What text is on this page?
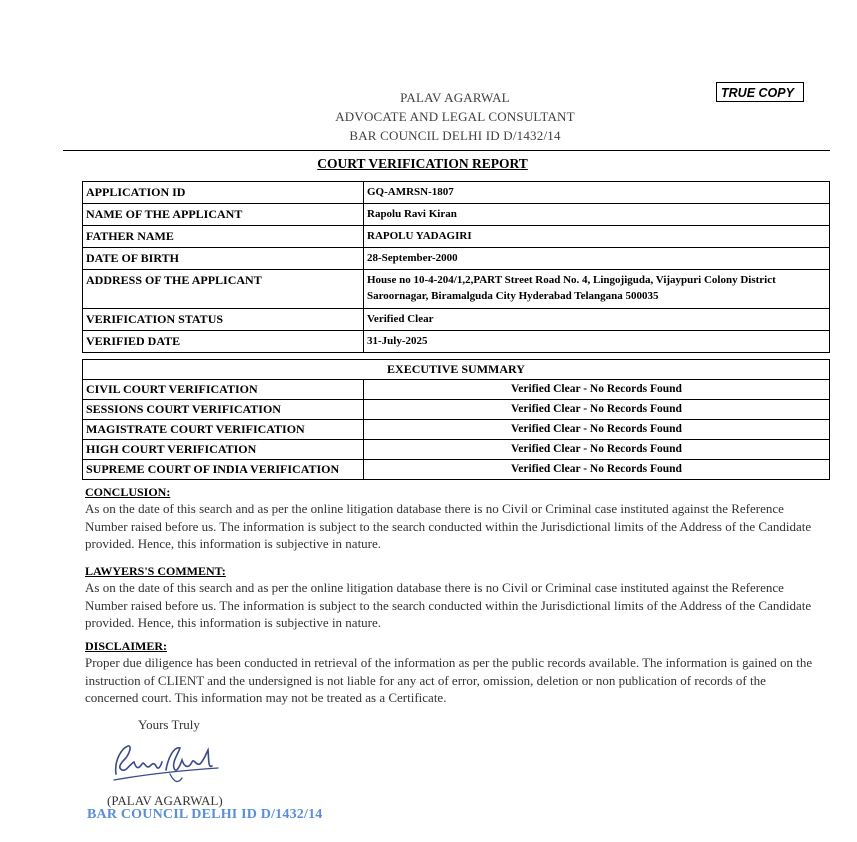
PALAV AGARWAL
ADVOCATE AND LEGAL CONSULTANT
BAR COUNCIL DELHI ID D/1432/14
TRUE COPY
COURT VERIFICATION REPORT
APPLICATION ID	GQ-AMRSN-1807
NAME OF THE APPLICANT	Rapolu Ravi Kiran
FATHER NAME	RAPOLU YADAGIRI
DATE OF BIRTH	28-September-2000
ADDRESS OF THE APPLICANT	House no 10-4-204/1,2,PART Street Road No. 4, Lingojiguda, Vijaypuri Colony District
Saroornagar, Biramalguda City Hyderabad Telangana 500035

VERIFICATION STATUS	Verified Clear
VERIFIED DATE	31-July-2025
EXECUTIVE SUMMARY	
CIVIL COURT VERIFICATION	Verified Clear - No Records Found
SESSIONS COURT VERIFICATION	Verified Clear - No Records Found
MAGISTRATE COURT VERIFICATION	Verified Clear - No Records Found
HIGH COURT VERIFICATION	Verified Clear - No Records Found
SUPREME COURT OF INDIA VERIFICATION	Verified Clear - No Records Found
CONCLUSION:
As on the date of this search and as per the online litigation database there is no Civil or Criminal case instituted against the Reference Number raised before us. The information is subject to the search conducted within the Jurisdictional limits of the Address of the Candidate provided. Hence, this information is subjective in nature.
LAWYERS'S COMMENT:
As on the date of this search and as per the online litigation database there is no Civil or Criminal case instituted against the Reference Number raised before us. The information is subject to the search conducted within the Jurisdictional limits of the Address of the Candidate provided. Hence, this information is subjective in nature.
DISCLAIMER:
Proper due diligence has been conducted in retrieval of the information as per the public records available. The information is gained on the instruction of CLIENT and the undersigned is not liable for any act of error, omission, deletion or non publication of records of the concerned court. This information may not be treated as a Certificate.
Yours Truly
(PALAV AGARWAL)
BAR COUNCIL DELHI ID D/1432/14
